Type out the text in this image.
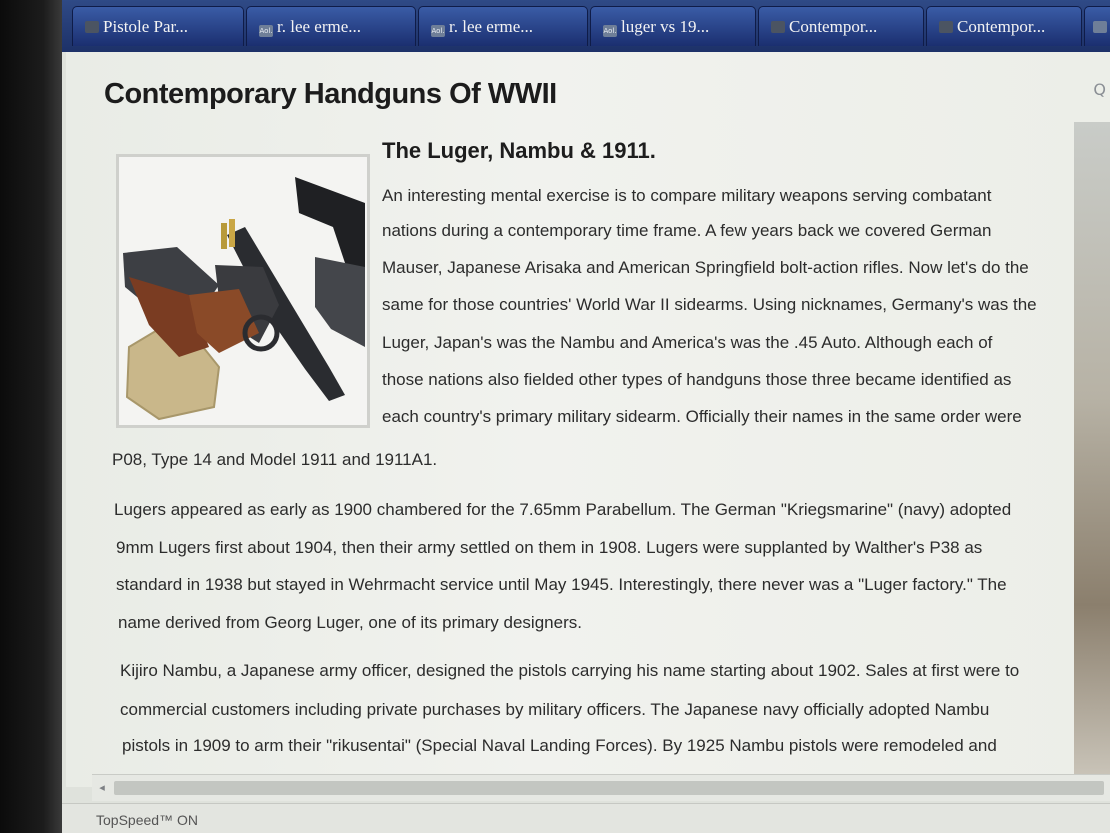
Pistole Par...	Aol. r. lee erme...	Aol. r. lee erme...	Aol. luger vs 19...	Contempor...	Contempor...
Q
Contemporary Handguns Of WWII
The Luger, Nambu & 1911.
An interesting mental exercise is to compare military weapons serving combatant
nations during a contemporary time frame. A few years back we covered German
Mauser, Japanese Arisaka and American Springfield bolt-action rifles. Now let's do the
same for those countries' World War II sidearms. Using nicknames, Germany's was the
Luger, Japan's was the Nambu and America's was the .45 Auto. Although each of
those nations also fielded other types of handguns those three became identified as
each country's primary military sidearm. Officially their names in the same order were
P08, Type 14 and Model 1911 and 1911A1.
Lugers appeared as early as 1900 chambered for the 7.65mm Parabellum. The German "Kriegsmarine" (navy) adopted
9mm Lugers first about 1904, then their army settled on them in 1908. Lugers were supplanted by Walther's P38 as
standard in 1938 but stayed in Wehrmacht service until May 1945. Interestingly, there never was a "Luger factory." The
name derived from Georg Luger, one of its primary designers.
Kijiro Nambu, a Japanese army officer, designed the pistols carrying his name starting about 1902. Sales at first were to
commercial customers including private purchases by military officers. The Japanese navy officially adopted Nambu
pistols in 1909 to arm their "rikusentai" (Special Naval Landing Forces). By 1925 Nambu pistols were remodeled and
◂
TopSpeed™ ON
